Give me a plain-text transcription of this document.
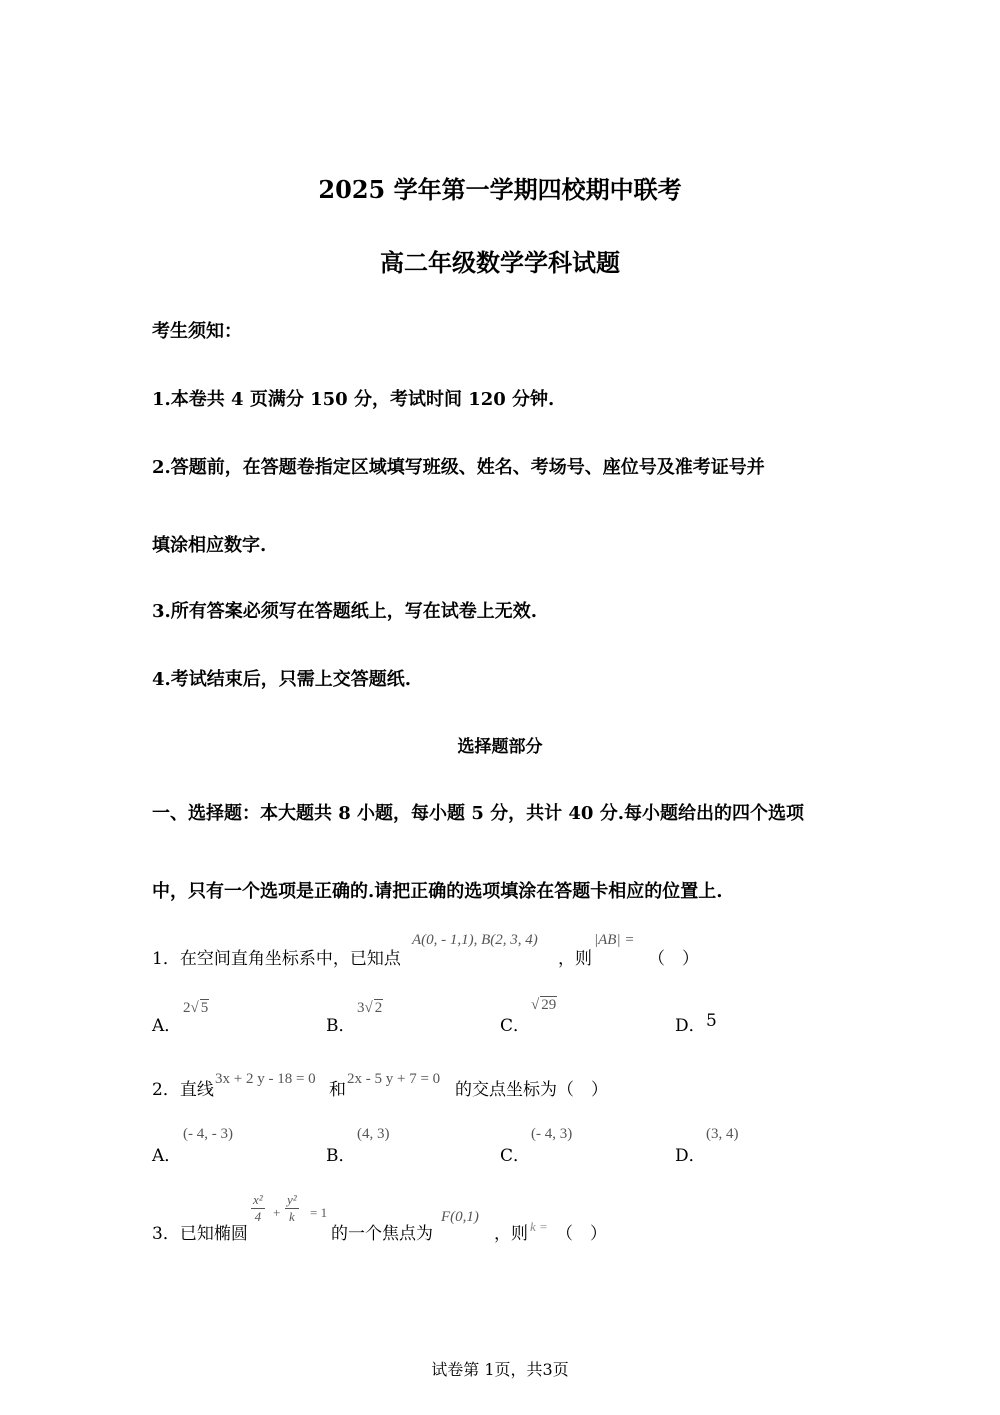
2025 学年第一学期四校期中联考
高二年级数学学科试题
考生须知：
1.本卷共 4 页满分 150 分，考试时间 120 分钟.
2.答题前，在答题卷指定区域填写班级、姓名、考场号、座位号及准考证号并
填涂相应数字.
3.所有答案必须写在答题纸上，写在试卷上无效.
4.考试结束后，只需上交答题纸.
选择题部分
一、选择题：本大题共 8 小题，每小题 5 分，共计 40 分.每小题给出的四个选项
中，只有一个选项是正确的.请把正确的选项填涂在答题卡相应的位置上.
1．在空间直角坐标系中，已知点
A(0, - 1,1), B(2, 3, 4)
，则
|AB| =
（　）
A．
2√ 5
B．
3√ 2
C．
√ 29
D． 5
2．直线
3x + 2 y - 18 = 0
和
2x - 5 y + 7 = 0
的交点坐标为（　）
A．
(- 4, - 3)
B．
(4, 3)
C．
(- 4, 3)
D．
(3, 4)
3．已知椭圆
x²
4 +
y²
k	= 1
的一个焦点为
F(0,1)
，则 k = （　）
试卷第 1页，共3页
